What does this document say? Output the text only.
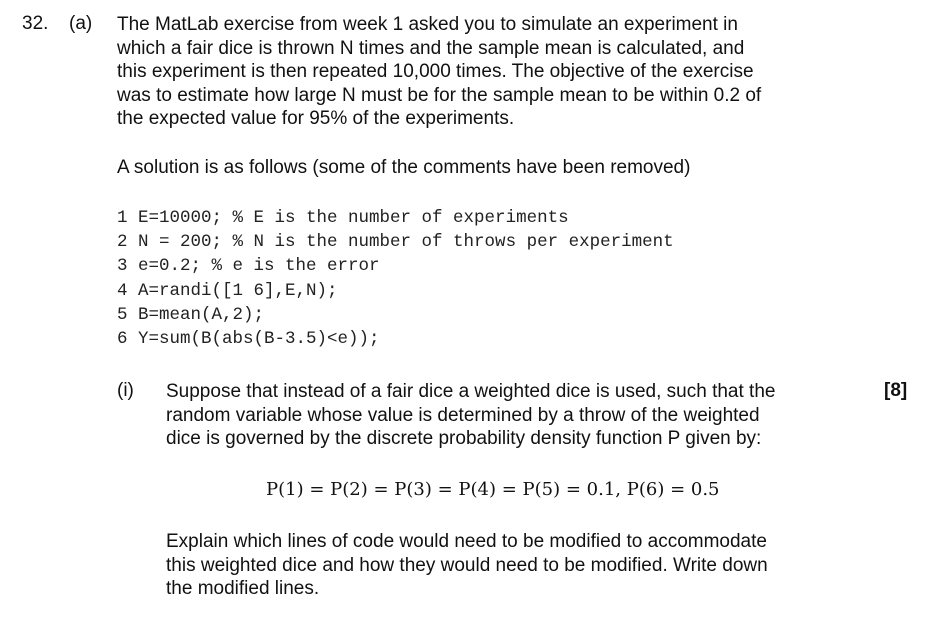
32. (a) The MatLab exercise from week 1 asked you to simulate an experiment in
which a fair dice is thrown N times and the sample mean is calculated, and
this experiment is then repeated 10,000 times. The objective of the exercise
was to estimate how large N must be for the sample mean to be within 0.2 of
the expected value for 95% of the experiments.
A solution is as follows (some of the comments have been removed)
1 E=10000; % E is the number of experiments
2 N = 200; % N is the number of throws per experiment
3 e=0.2; % e is the error
4 A=randi([1 6],E,N);
5 B=mean(A,2);
6 Y=sum(B(abs(B-3.5)<e));
(i)	[8]
Suppose that instead of a fair dice a weighted dice is used, such that the
random variable whose value is determined by a throw of the weighted
dice is governed by the discrete probability density function P given by:
P(1) = P(2) = P(3) = P(4) = P(5) = 0.1, P(6) = 0.5
Explain which lines of code would need to be modified to accommodate
this weighted dice and how they would need to be modified. Write down
the modified lines.
